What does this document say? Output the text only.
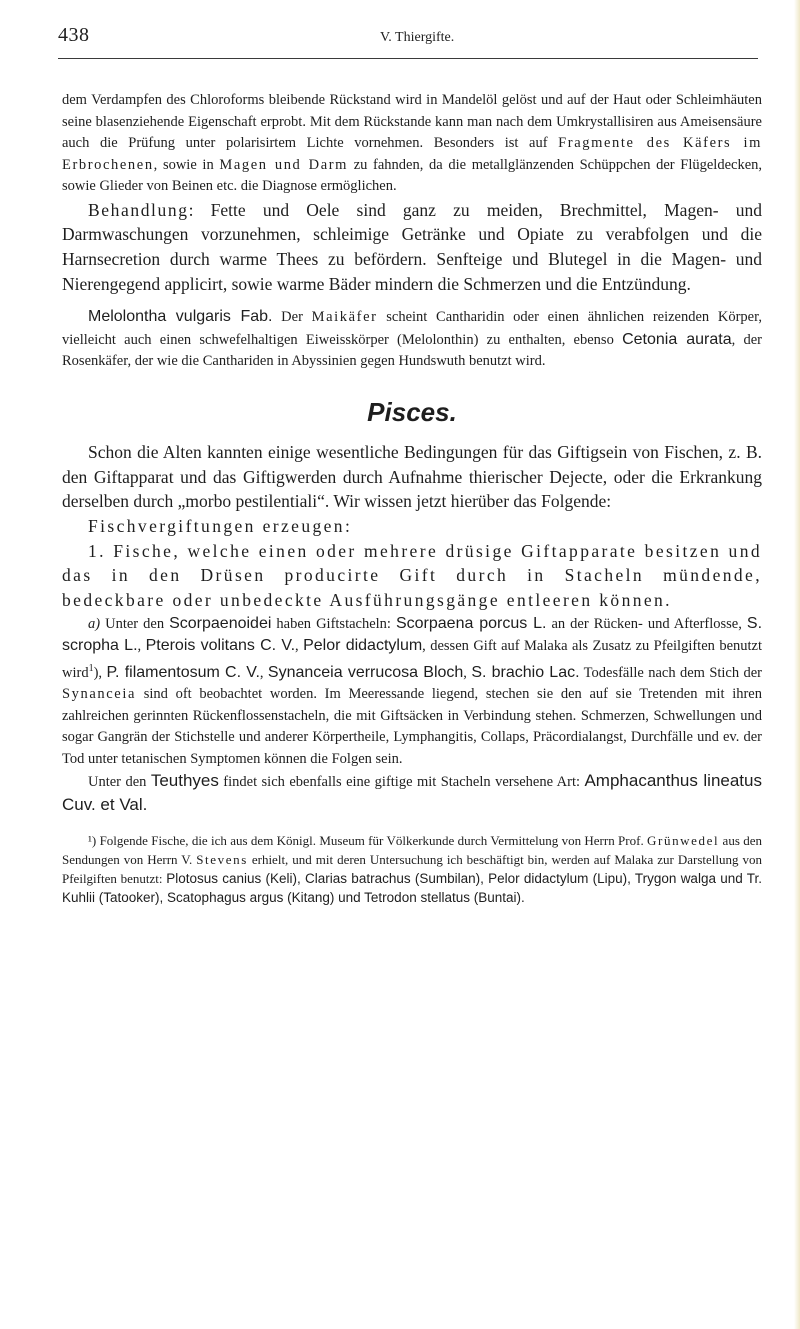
438	V. Thiergifte.

dem Verdampfen des Chloroforms bleibende Rückstand wird in Mandelöl gelöst und auf der Haut oder Schleimhäuten seine blasenziehende Eigenschaft erprobt. Mit dem Rückstande kann man nach dem Umkrystallisiren aus Ameisensäure auch die Prüfung unter polarisirtem Lichte vornehmen. Besonders ist auf Fragmente des Käfers im Erbrochenen, sowie in Magen und Darm zu fahnden, da die metallglänzenden Schüppchen der Flügeldecken, sowie Glieder von Beinen etc. die Diagnose ermöglichen.

Behandlung: Fette und Oele sind ganz zu meiden, Brechmittel, Magen- und Darmwaschungen vorzunehmen, schleimige Getränke und Opiate zu verabfolgen und die Harnsecretion durch warme Thees zu befördern. Senfteige und Blutegel in die Magen- und Nierengegend applicirt, sowie warme Bäder mindern die Schmerzen und die Entzündung.

Melolontha vulgaris Fab. Der Maikäfer scheint Cantharidin oder einen ähnlichen reizenden Körper, vielleicht auch einen schwefelhaltigen Eiweisskörper (Melolonthin) zu enthalten, ebenso Cetonia aurata, der Rosenkäfer, der wie die Canthariden in Abyssinien gegen Hundswuth benutzt wird.

Pisces.

Schon die Alten kannten einige wesentliche Bedingungen für das Giftigsein von Fischen, z. B. den Giftapparat und das Giftigwerden durch Aufnahme thierischer Dejecte, oder die Erkrankung derselben durch „morbo pestilentiali“. Wir wissen jetzt hierüber das Folgende:

Fischvergiftungen erzeugen:

1. Fische, welche einen oder mehrere drüsige Giftapparate besitzen und das in den Drüsen producirte Gift durch in Stacheln mündende, bedeckbare oder unbedeckte Ausführungsgänge entleeren können.

a) Unter den Scorpaenoidei haben Giftstacheln: Scorpaena porcus L. an der Rücken- und Afterflosse, S. scropha L., Pterois volitans C. V., Pelor didactylum, dessen Gift auf Malaka als Zusatz zu Pfeilgiften benutzt wird$^1$), P. filamentosum C. V., Synanceia verrucosa Bloch, S. brachio Lac. Todesfälle nach dem Stich der Synanceia sind oft beobachtet worden. Im Meeressande liegend, stechen sie den auf sie Tretenden mit ihren zahlreichen gerinnten Rückenflossenstacheln, die mit Giftsäcken in Verbindung stehen. Schmerzen, Schwellungen und sogar Gangrän der Stichstelle und anderer Körpertheile, Lymphangitis, Collaps, Präcordialangst, Durchfälle und ev. der Tod unter tetanischen Symptomen können die Folgen sein.

Unter den Teuthyes findet sich ebenfalls eine giftige mit Stacheln versehene Art: Amphacanthus lineatus Cuv. et Val.

¹) Folgende Fische, die ich aus dem Königl. Museum für Völkerkunde durch Vermittelung von Herrn Prof. Grünwedel aus den Sendungen von Herrn V. Stevens erhielt, und mit deren Untersuchung ich beschäftigt bin, werden auf Malaka zur Darstellung von Pfeilgiften benutzt: Plotosus canius (Keli), Clarias batrachus (Sumbilan), Pelor didactylum (Lipu), Trygon walga und Tr. Kuhlii (Tatooker), Scatophagus argus (Kitang) und Tetrodon stellatus (Buntai).
